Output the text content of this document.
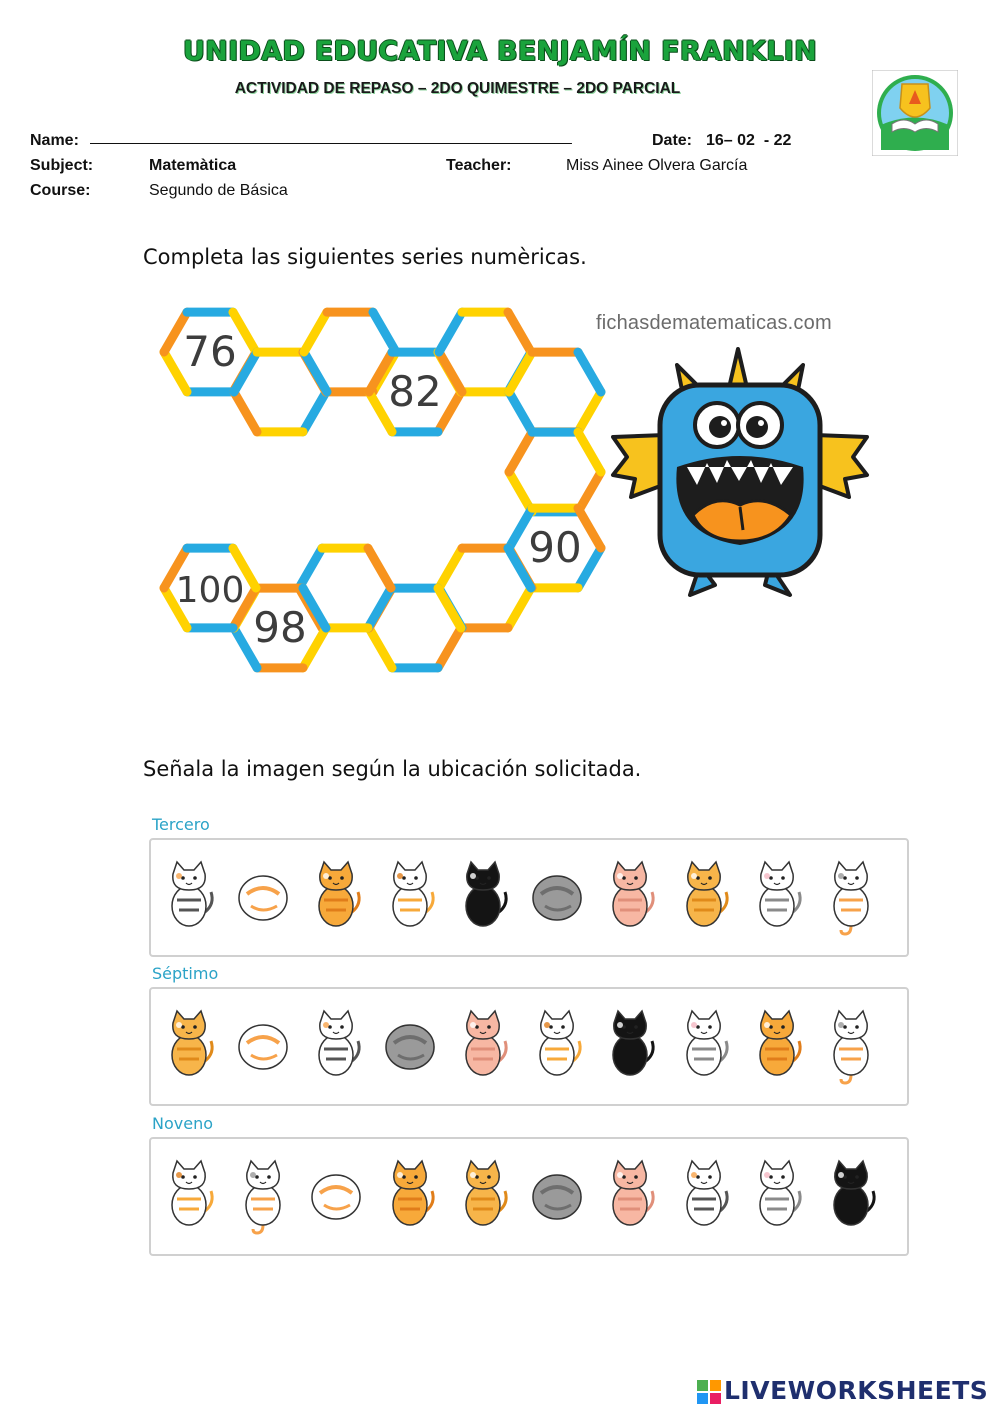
UNIDAD EDUCATIVA BENJAMÍN FRANKLIN
ACTIVIDAD DE REPASO – 2DO QUIMESTRE – 2DO PARCIAL
Name: ________________________________________________________	Date: 16– 02  - 22
Subject:	Matemàtica	Teacher:	Miss Ainee Olvera García
Course:	Segundo de Básica
Completa las siguientes series numèricas.
fichasdematematicas.com
76
82
90
98
100
Señala la imagen según la ubicación solicitada.
Tercero
Séptimo
Noveno
LIVEWORKSHEETS
